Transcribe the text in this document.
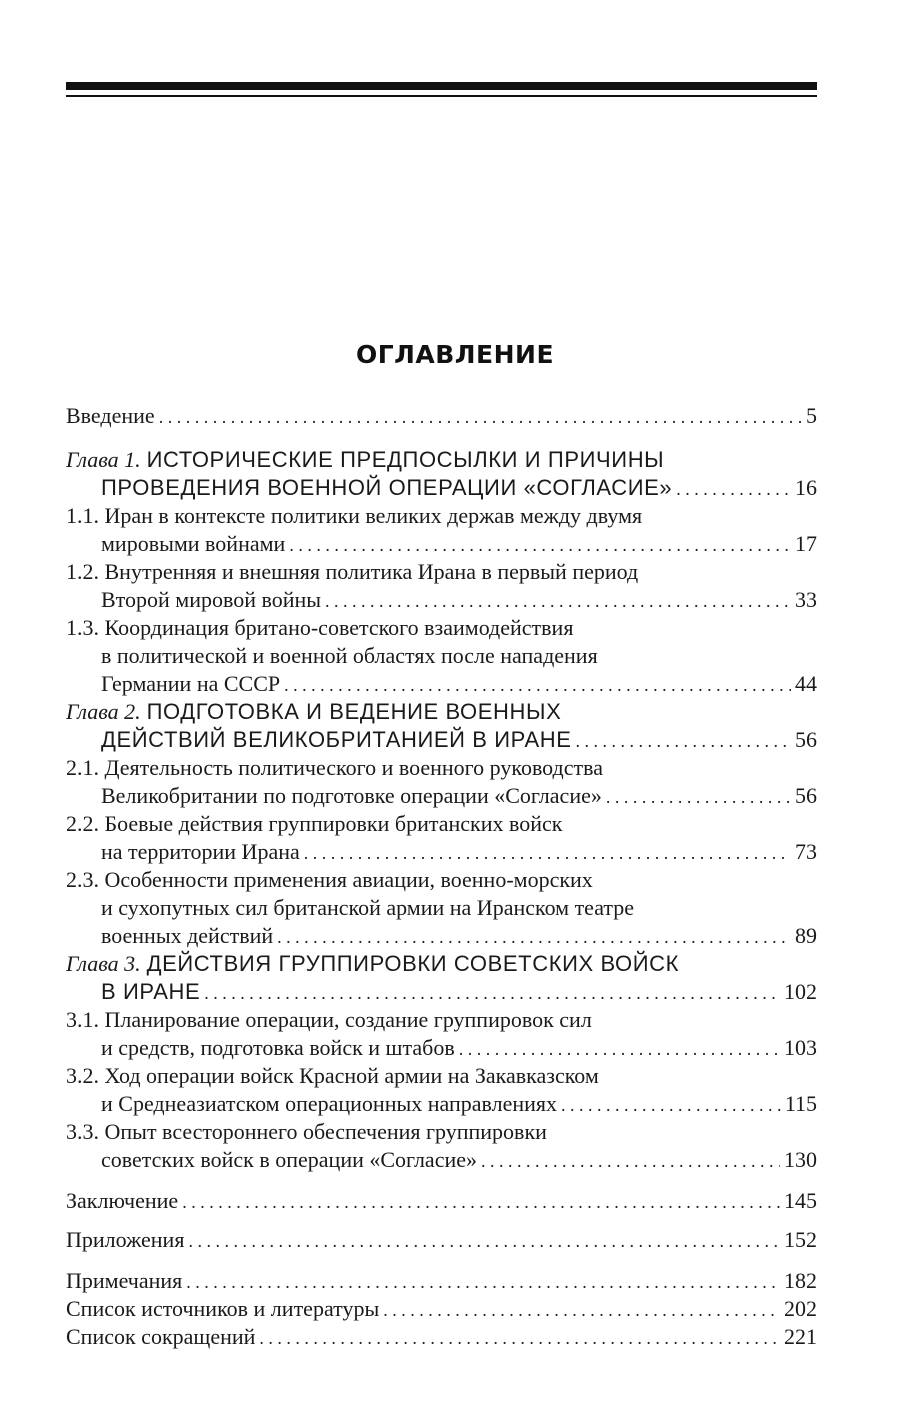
ОГЛАВЛЕНИЕ
Введение . . .	5
Глава 1. ИСТОРИЧЕСКИЕ ПРЕДПОСЫЛКИ И ПРИЧИНЫ
ПРОВЕДЕНИЯ ВОЕННОЙ ОПЕРАЦИИ «СОГЛАСИЕ» . . .	16
1.1. Иран в контексте политики великих держав между двумя
мировыми войнами . . .	17
1.2. Внутренняя и внешняя политика Ирана в первый период
Второй мировой войны . . .	33
1.3. Координация британо-советского взаимодействия
в политической и военной областях после нападения
Германии на СССР . . .	44
Глава 2. ПОДГОТОВКА И ВЕДЕНИЕ ВОЕННЫХ
ДЕЙСТВИЙ ВЕЛИКОБРИТАНИЕЙ В ИРАНЕ . . .	56
2.1. Деятельность политического и военного руководства
Великобритании по подготовке операции «Согласие» . . .	56
2.2. Боевые действия группировки британских войск
на территории Ирана . . .	73
2.3. Особенности применения авиации, военно-морских
и сухопутных сил британской армии на Иранском театре
военных действий . . .	89
Глава 3. ДЕЙСТВИЯ ГРУППИРОВКИ СОВЕТСКИХ ВОЙСК
В ИРАНЕ . . .	102
3.1. Планирование операции, создание группировок сил
и средств, подготовка войск и штабов . . .	103
3.2. Ход операции войск Красной армии на Закавказском
и Среднеазиатском операционных направлениях . . .	115
3.3. Опыт всестороннего обеспечения группировки
советских войск в операции «Согласие» . . .	130
Заключение . . .	145
Приложения . . .	152
Примечания . . .	182
Список источников и литературы . . .	202
Список сокращений . . .	221
